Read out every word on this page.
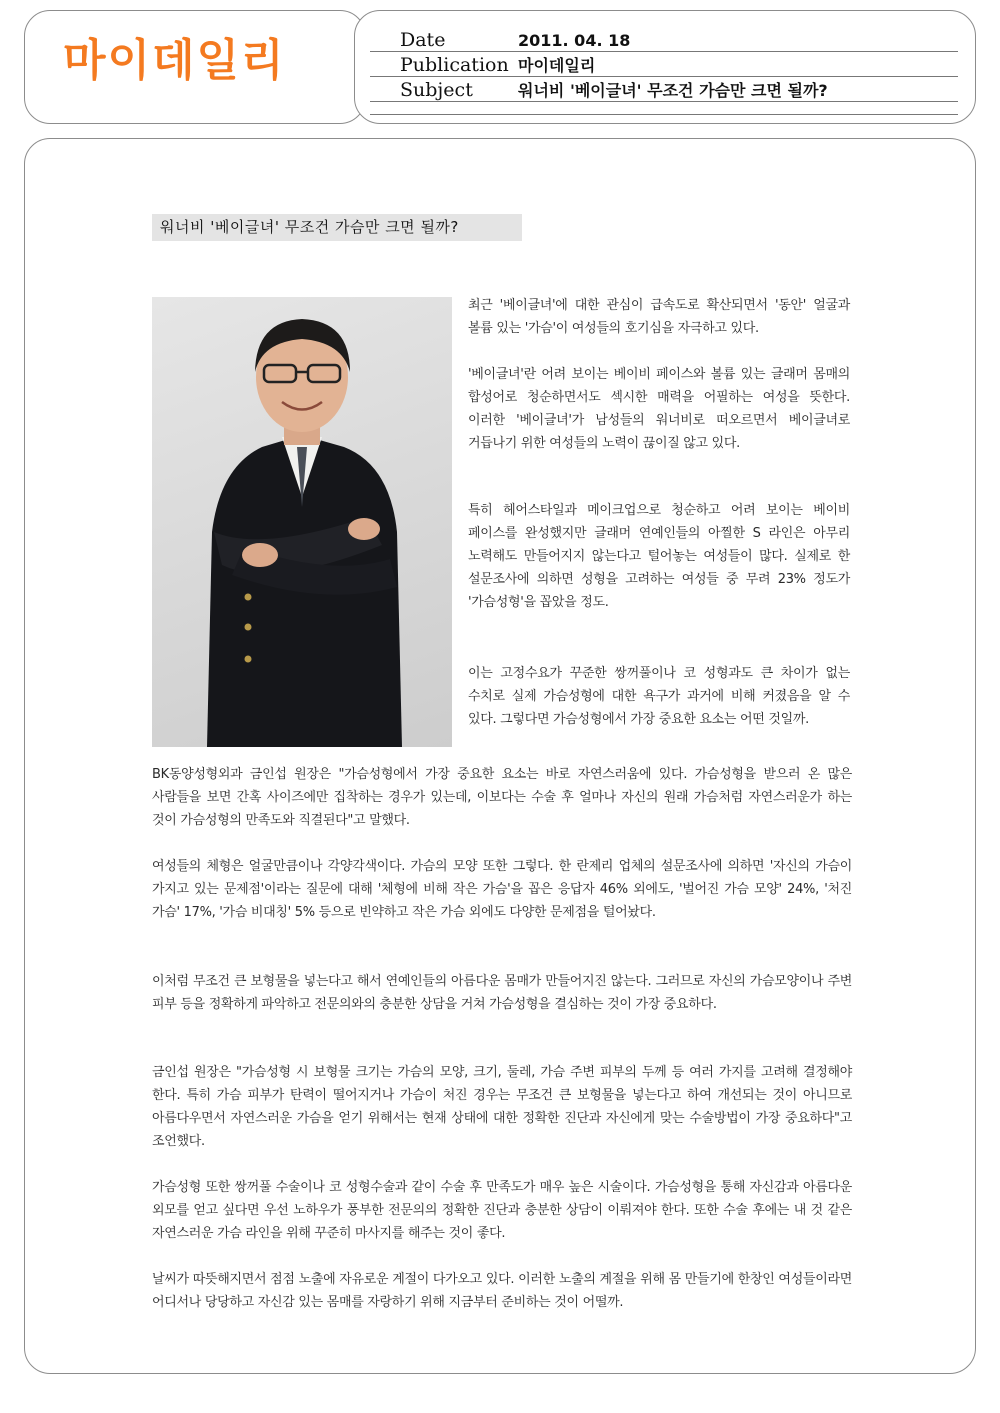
마이데일리	Date	2011. 04. 18
Publication 마이데일리
Subject	워너비 '베이글녀' 무조건 가슴만 크면 될까?
워너비 '베이글녀' 무조건 가슴만 크면 될까?

최근 '베이글녀'에 대한 관심이 급속도로 확산되면서 '동안' 얼굴과 볼륨 있는 '가슴'이 여성들의 호기심을 자극하고 있다.

'베이글녀'란 어려 보이는 베이비 페이스와 볼륨 있는 글래머 몸매의 합성어로 청순하면서도 섹시한 매력을 어필하는 여성을 뜻한다. 이러한 '베이글녀'가 남성들의 워너비로 떠오르면서 베이글녀로 거듭나기 위한 여성들의 노력이 끊이질 않고 있다.

특히 헤어스타일과 메이크업으로 청순하고 어려 보이는 베이비 페이스를 완성했지만 글래머 연예인들의 아찔한 S 라인은 아무리 노력해도 만들어지지 않는다고 털어놓는 여성들이 많다. 실제로 한 설문조사에 의하면 성형을 고려하는 여성들 중 무려 23% 정도가 '가슴성형'을 꼽았을 정도.

이는 고정수요가 꾸준한 쌍꺼풀이나 코 성형과도 큰 차이가 없는 수치로 실제 가슴성형에 대한 욕구가 과거에 비해 커졌음을 알 수 있다. 그렇다면 가슴성형에서 가장 중요한 요소는 어떤 것일까.

BK동양성형외과 금인섭 원장은 "가슴성형에서 가장 중요한 요소는 바로 자연스러움에 있다. 가슴성형을 받으러 온 많은 사람들을 보면 간혹 사이즈에만 집착하는 경우가 있는데, 이보다는 수술 후 얼마나 자신의 원래 가슴처럼 자연스러운가 하는 것이 가슴성형의 만족도와 직결된다"고 말했다.

여성들의 체형은 얼굴만큼이나 각양각색이다. 가슴의 모양 또한 그렇다. 한 란제리 업체의 설문조사에 의하면 '자신의 가슴이 가지고 있는 문제점'이라는 질문에 대해 '체형에 비해 작은 가슴'을 꼽은 응답자 46% 외에도, '벌어진 가슴 모양' 24%, '처진 가슴' 17%, '가슴 비대칭' 5% 등으로 빈약하고 작은 가슴 외에도 다양한 문제점을 털어놨다.

이처럼 무조건 큰 보형물을 넣는다고 해서 연예인들의 아름다운 몸매가 만들어지진 않는다. 그러므로 자신의 가슴모양이나 주변 피부 등을 정확하게 파악하고 전문의와의 충분한 상담을 거쳐 가슴성형을 결심하는 것이 가장 중요하다.

금인섭 원장은 "가슴성형 시 보형물 크기는 가슴의 모양, 크기, 둘레, 가슴 주변 피부의 두께 등 여러 가지를 고려해 결정해야 한다. 특히 가슴 피부가 탄력이 떨어지거나 가슴이 처진 경우는 무조건 큰 보형물을 넣는다고 하여 개선되는 것이 아니므로 아름다우면서 자연스러운 가슴을 얻기 위해서는 현재 상태에 대한 정확한 진단과 자신에게 맞는 수술방법이 가장 중요하다"고 조언했다.

가슴성형 또한 쌍꺼풀 수술이나 코 성형수술과 같이 수술 후 만족도가 매우 높은 시술이다. 가슴성형을 통해 자신감과 아름다운 외모를 얻고 싶다면 우선 노하우가 풍부한 전문의의 정확한 진단과 충분한 상담이 이뤄져야 한다. 또한 수술 후에는 내 것 같은 자연스러운 가슴 라인을 위해 꾸준히 마사지를 해주는 것이 좋다.

날씨가 따뜻해지면서 점점 노출에 자유로운 계절이 다가오고 있다. 이러한 노출의 계절을 위해 몸 만들기에 한창인 여성들이라면 어디서나 당당하고 자신감 있는 몸매를 자랑하기 위해 지금부터 준비하는 것이 어떨까.
